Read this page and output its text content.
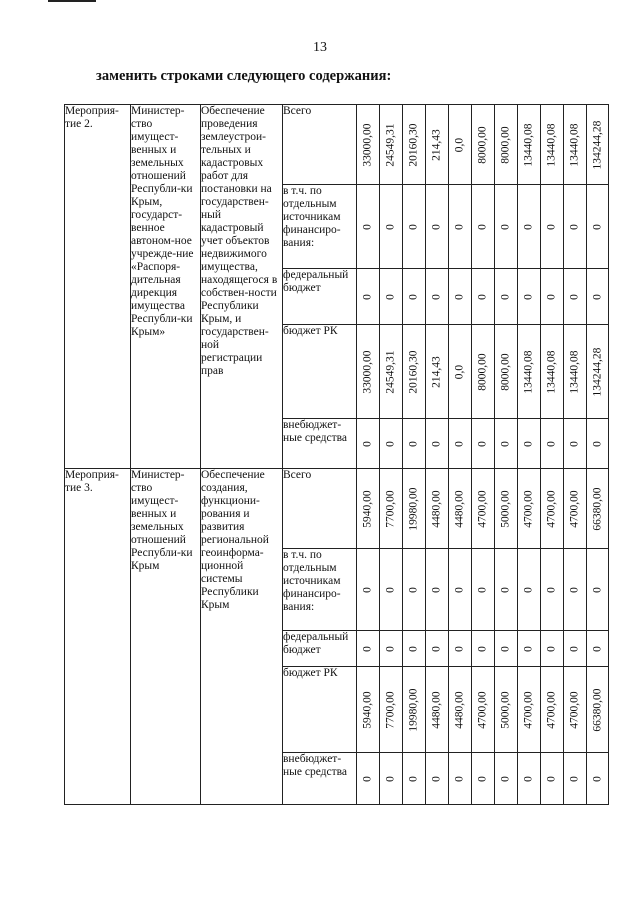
13
заменить строками следующего содержания:
Мероприя-тие 2.	Министер-ство имущест-венных и земельных отношений Республи-ки Крым, государст-венное автоном-ное учрежде-ние «Распоря-дительная дирекция имущества Республи-ки Крым»	Обеспечение проведения землеустрои-тельных и кадастровых работ для постановки на государствен-ный кадастровый учет объектов недвижимого имущества, находящегося в собствен-ности Республики Крым, и государствен-ной регистрации прав	Всего	33000,00	24549,31	20160,30	214,43	0,0	8000,00	8000,00	13440,08	13440,08	13440,08	134244,28

			в т.ч. по отдельным источникам финансиро-вания:	0	0	0	0	0	0	0	0	0	0	0

			федеральный бюджет	0	0	0	0	0	0	0	0	0	0	0

			бюджет РК	33000,00	24549,31	20160,30	214,43	0,0	8000,00	8000,00	13440,08	13440,08	13440,08	134244,28

			внебюджет-ные средства	0	0	0	0	0	0	0	0	0	0	0

Мероприя-тие 3.	Министер-ство имущест-венных и земельных отношений Республи-ки Крым	Обеспечение создания, функциони-рования и развития региональной геоинформа-ционной системы Республики Крым	Всего	5940,00	7700,00	19980,00	4480,00	4480,00	4700,00	5000,00	4700,00	4700,00	4700,00	66380,00

			в т.ч. по отдельным источникам финансиро-вания:	0	0	0	0	0	0	0	0	0	0	0

			федеральный бюджет	0	0	0	0	0	0	0	0	0	0	0

			бюджет РК	5940,00	7700,00	19980,00	4480,00	4480,00	4700,00	5000,00	4700,00	4700,00	4700,00	66380,00

			внебюджет-ные средства	0	0	0	0	0	0	0	0	0	0	0
